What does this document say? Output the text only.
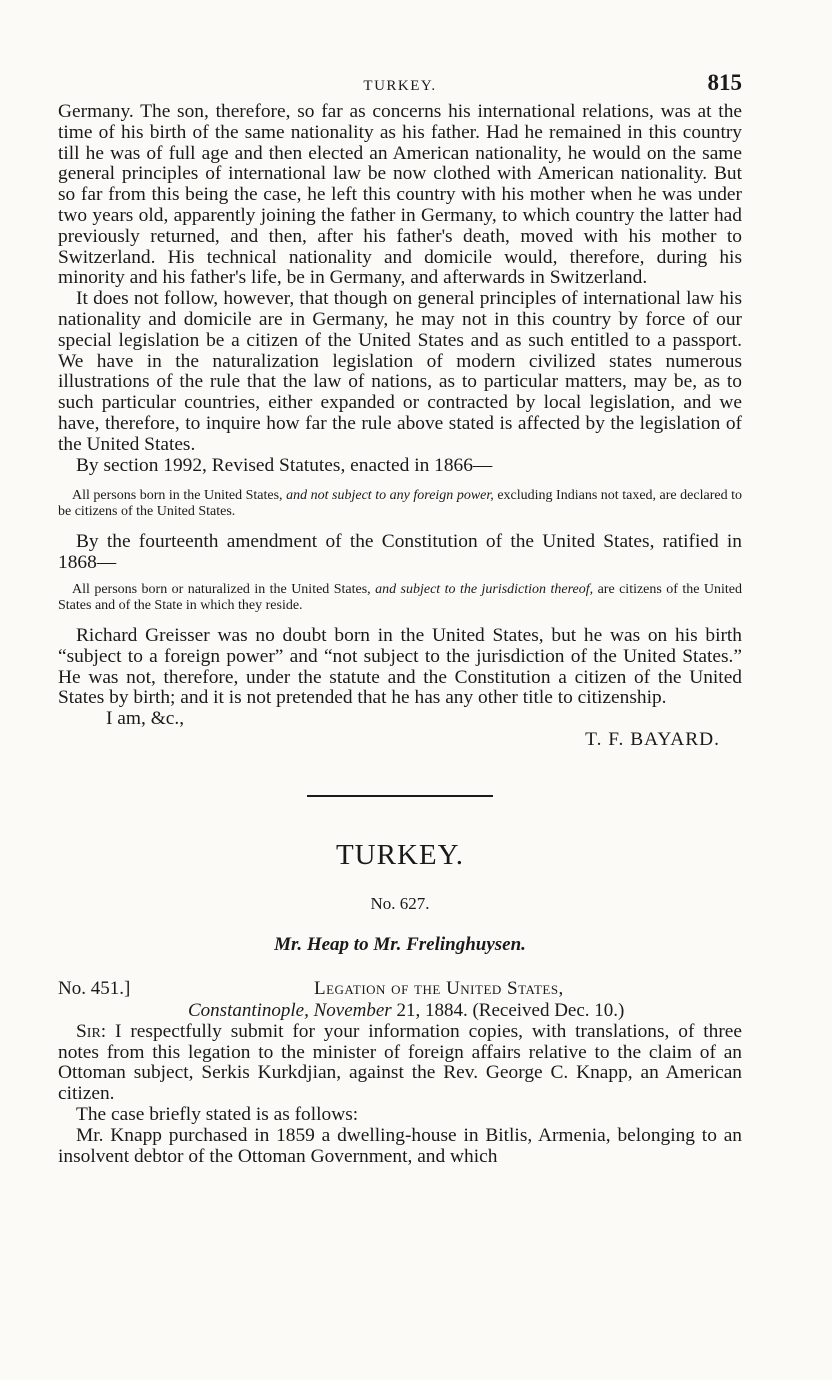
TURKEY.	815

Germany. The son, therefore, so far as concerns his international relations, was at the time of his birth of the same nationality as his father. Had he remained in this country till he was of full age and then elected an American nationality, he would on the same general principles of international law be now clothed with American nationality. But so far from this being the case, he left this country with his mother when he was under two years old, apparently joining the father in Germany, to which country the latter had previously returned, and then, after his father's death, moved with his mother to Switzerland. His technical nationality and domicile would, therefore, during his minority and his father's life, be in Germany, and afterwards in Switzerland.

It does not follow, however, that though on general principles of international law his nationality and domicile are in Germany, he may not in this country by force of our special legislation be a citizen of the United States and as such entitled to a passport. We have in the naturalization legislation of modern civilized states numerous illustrations of the rule that the law of nations, as to particular matters, may be, as to such particular countries, either expanded or contracted by local legislation, and we have, therefore, to inquire how far the rule above stated is affected by the legislation of the United States.

By section 1992, Revised Statutes, enacted in 1866—

All persons born in the United States, and not subject to any foreign power, excluding Indians not taxed, are declared to be citizens of the United States.

By the fourteenth amendment of the Constitution of the United States, ratified in 1868—

All persons born or naturalized in the United States, and subject to the jurisdiction thereof, are citizens of the United States and of the State in which they reside.

Richard Greisser was no doubt born in the United States, but he was on his birth “subject to a foreign power” and “not subject to the jurisdiction of the United States.” He was not, therefore, under the statute and the Constitution a citizen of the United States by birth; and it is not pretended that he has any other title to citizenship.

I am, &c.,

T. F. BAYARD.

TURKEY.
No. 627.
Mr. Heap to Mr. Frelinghuysen.
No. 451.]	Legation of the United States,
Constantinople, November 21, 1884. (Received Dec. 10.)

Sir: I respectfully submit for your information copies, with translations, of three notes from this legation to the minister of foreign affairs relative to the claim of an Ottoman subject, Serkis Kurkdjian, against the Rev. George C. Knapp, an American citizen.

The case briefly stated is as follows:

Mr. Knapp purchased in 1859 a dwelling-house in Bitlis, Armenia, belonging to an insolvent debtor of the Ottoman Government, and which
